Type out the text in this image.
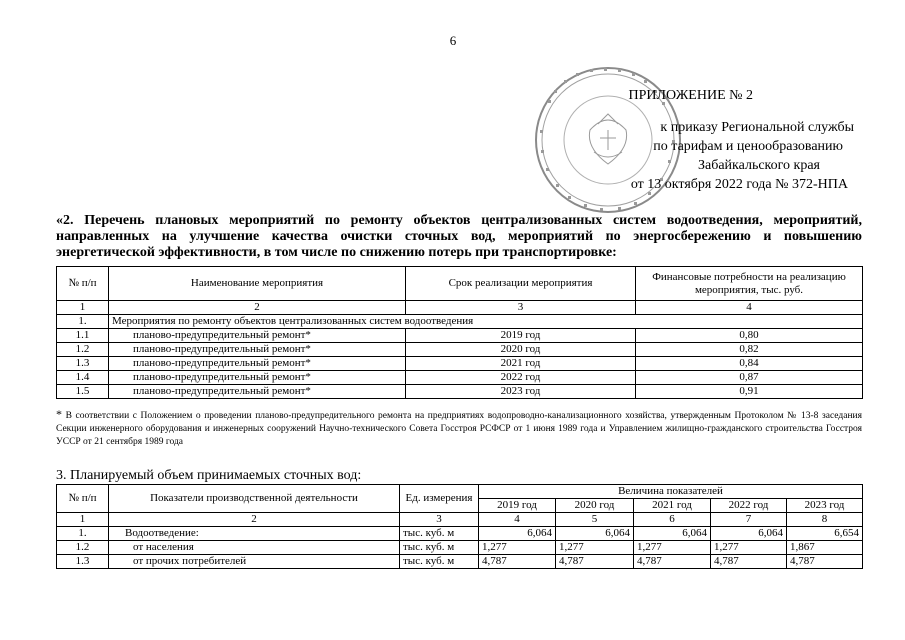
6
ПРИЛОЖЕНИЕ № 2
к приказу Региональной службы
по тарифам и ценообразованию
Забайкальского края
от 13 октября 2022 года № 372-НПА
«2. Перечень плановых мероприятий по ремонту объектов централизованных систем водоотведения, мероприятий,
направленных на улучшение качества очистки сточных вод, мероприятий по энергосбережению и повышению
энергетической эффективности, в том числе по снижению потерь при транспортировке:
№ п/п	Наименование мероприятия	Срок реализации мероприятия	Финансовые потребности на реализацию мероприятия, тыс. руб.
1	2	3	4
1.	Мероприятия по ремонту объектов централизованных систем водоотведения		
1.1	планово-предупредительный ремонт*	2019 год	0,80
1.2	планово-предупредительный ремонт*	2020 год	0,82
1.3	планово-предупредительный ремонт*	2021 год	0,84
1.4	планово-предупредительный ремонт*	2022 год	0,87
1.5	планово-предупредительный ремонт*	2023 год	0,91
* В соответствии с Положением о проведении планово-предупредительного ремонта на предприятиях водопроводно-канализационного хозяйства, утвержденным Протоколом № 13-8 заседания Секции инженерного оборудования и инженерных сооружений Научно-технического Совета Госстроя РСФСР от 1 июня 1989 года и Управлением жилищно-гражданского строительства Госстроя УССР от 21 сентября 1989 года
3. Планируемый объем принимаемых сточных вод:
№ п/п	Показатели производственной деятельности	Ед. измерения	Величина показателей				
			2019 год	2020 год	2021 год	2022 год	2023 год
1	2	3	4	5	6	7	8
1.	Водоотведение:	тыс. куб. м	6,064	6,064	6,064	6,064	6,654
1.2	от населения	тыс. куб. м	1,277	1,277	1,277	1,277	1,867
1.3	от прочих потребителей	тыс. куб. м	4,787	4,787	4,787	4,787	4,787
